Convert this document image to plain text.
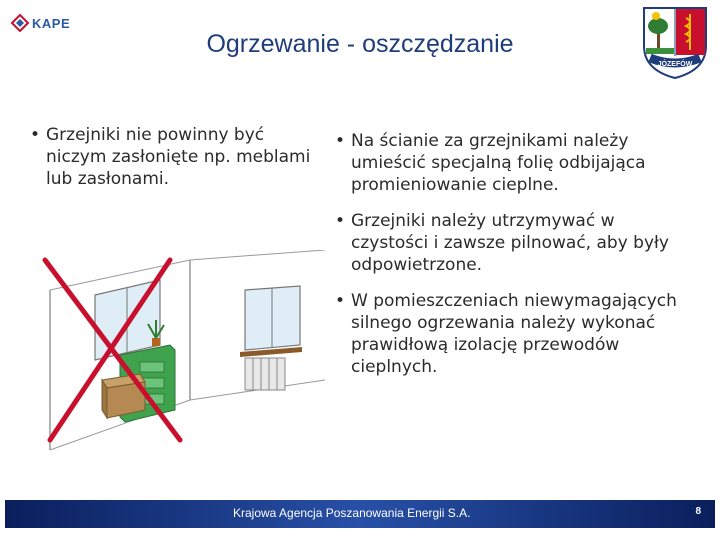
KAPE
Ogrzewanie - oszczędzanie
JÓZEFÓW
• Grzejniki nie powinny być niczym zasłonięte np. meblami lub zasłonami.
• Na ścianie za grzejnikami należy umieścić specjalną folię odbijająca promieniowanie cieplne.
• Grzejniki należy utrzymywać w czystości i zawsze pilnować, aby były odpowietrzone.
• W pomieszczeniach niewymagających silnego ogrzewania należy wykonać prawidłową izolację przewodów cieplnych.
Krajowa Agencja Poszanowania Energii S.A.	8
